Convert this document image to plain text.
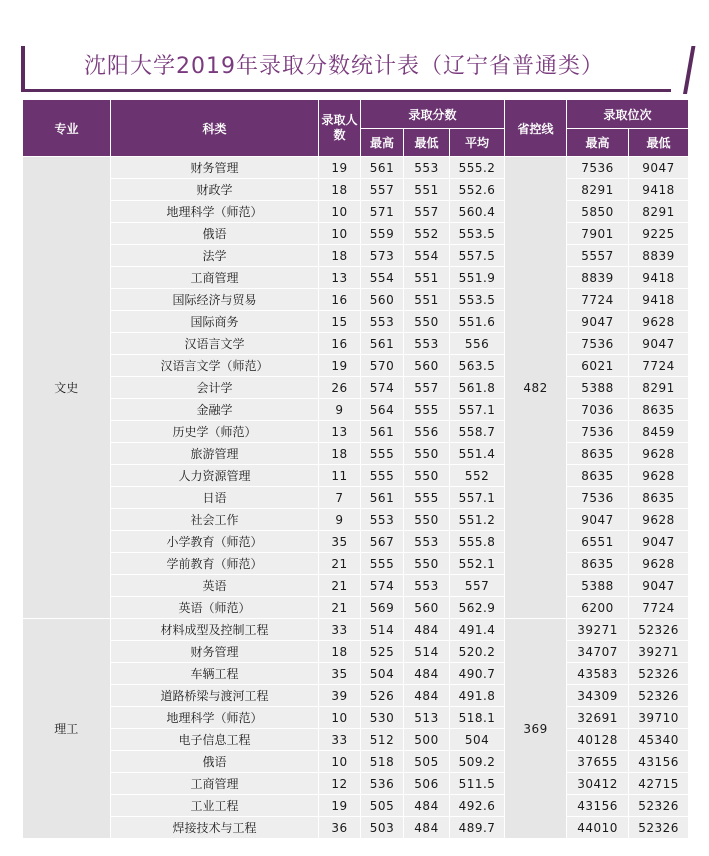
沈阳大学2019年录取分数统计表（辽宁省普通类）
专业	科类	录取人数	录取分数			省控线	录取位次	
			最高	最低	平均		最高	最低
文史	财务管理	19	561	553	555.2	482	7536	9047
	财政学	18	557	551	552.6		8291	9418
	地理科学（师范）	10	571	557	560.4		5850	8291
	俄语	10	559	552	553.5		7901	9225
	法学	18	573	554	557.5		5557	8839
	工商管理	13	554	551	551.9		8839	9418
	国际经济与贸易	16	560	551	553.5		7724	9418
	国际商务	15	553	550	551.6		9047	9628
	汉语言文学	16	561	553	556		7536	9047
	汉语言文学（师范）	19	570	560	563.5		6021	7724
	会计学	26	574	557	561.8		5388	8291
	金融学	9	564	555	557.1		7036	8635
	历史学（师范）	13	561	556	558.7		7536	8459
	旅游管理	18	555	550	551.4		8635	9628
	人力资源管理	11	555	550	552		8635	9628
	日语	7	561	555	557.1		7536	8635
	社会工作	9	553	550	551.2		9047	9628
	小学教育（师范）	35	567	553	555.8		6551	9047
	学前教育（师范）	21	555	550	552.1		8635	9628
	英语	21	574	553	557		5388	9047
	英语（师范）	21	569	560	562.9		6200	7724
理工	材料成型及控制工程	33	514	484	491.4	369	39271	52326
	财务管理	18	525	514	520.2		34707	39271
	车辆工程	35	504	484	490.7		43583	52326
	道路桥梁与渡河工程	39	526	484	491.8		34309	52326
	地理科学（师范）	10	530	513	518.1		32691	39710
	电子信息工程	33	512	500	504		40128	45340
	俄语	10	518	505	509.2		37655	43156
	工商管理	12	536	506	511.5		30412	42715
	工业工程	19	505	484	492.6		43156	52326
	焊接技术与工程	36	503	484	489.7		44010	52326
